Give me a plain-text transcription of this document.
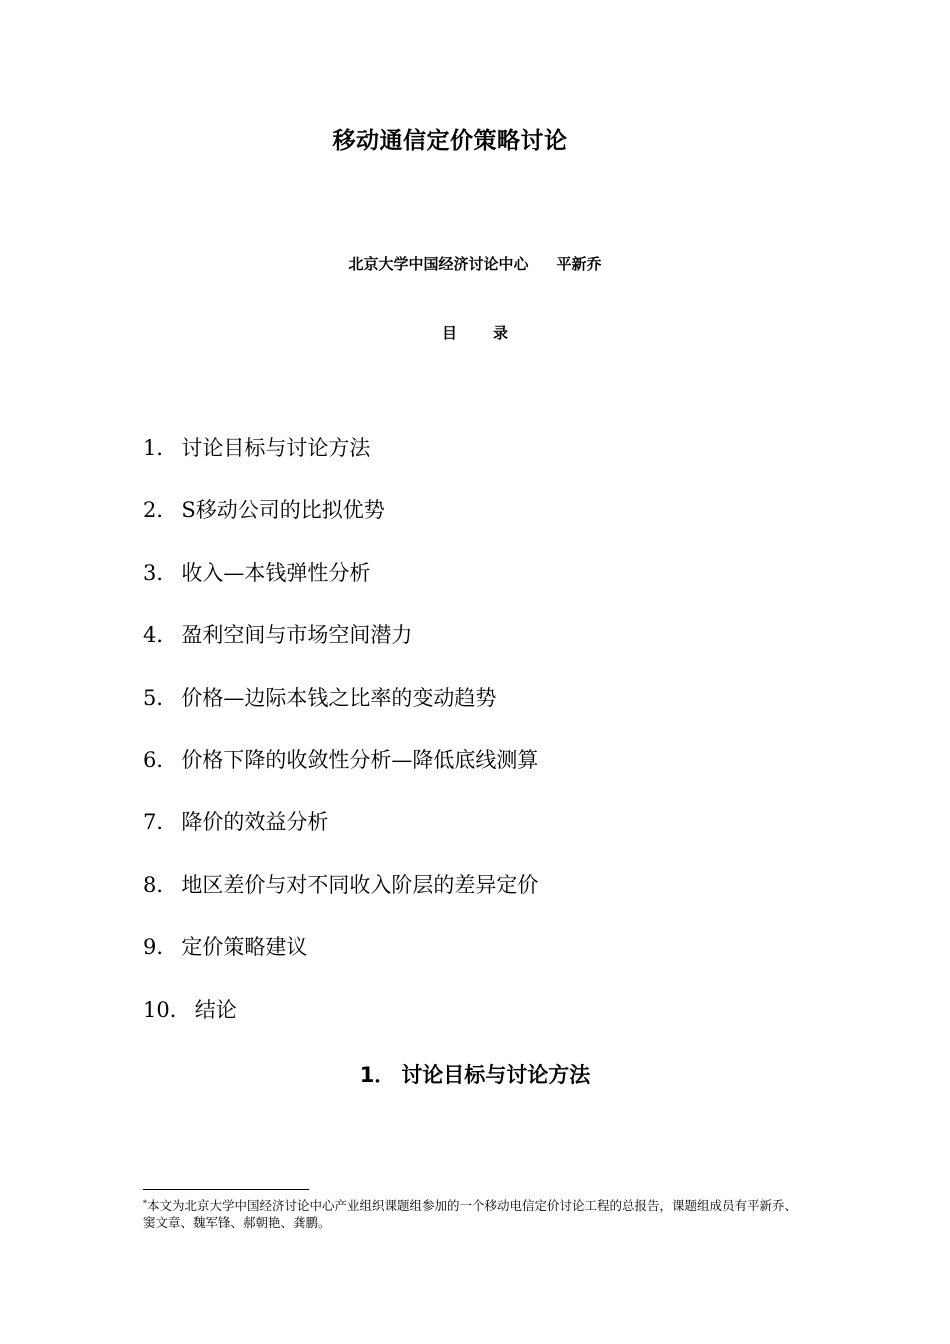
移动通信定价策略讨论
北京大学中国经济讨论中心 平新乔
目 录
1． 讨论目标与讨论方法
2． S移动公司的比拟优势
3． 收入—本钱弹性分析
4． 盈利空间与市场空间潜力
5． 价格—边际本钱之比率的变动趋势
6． 价格下降的收敛性分析—降低底线测算
7． 降价的效益分析
8． 地区差价与对不同收入阶层的差异定价
9． 定价策略建议
10． 结论
1． 讨论目标与讨论方法
*本文为北京大学中国经济讨论中心产业组织课题组参加的一个移动电信定价讨论工程的总报告，课题组成员有平新乔、窦文章、魏军锋、郝朝艳、龚鹏。
